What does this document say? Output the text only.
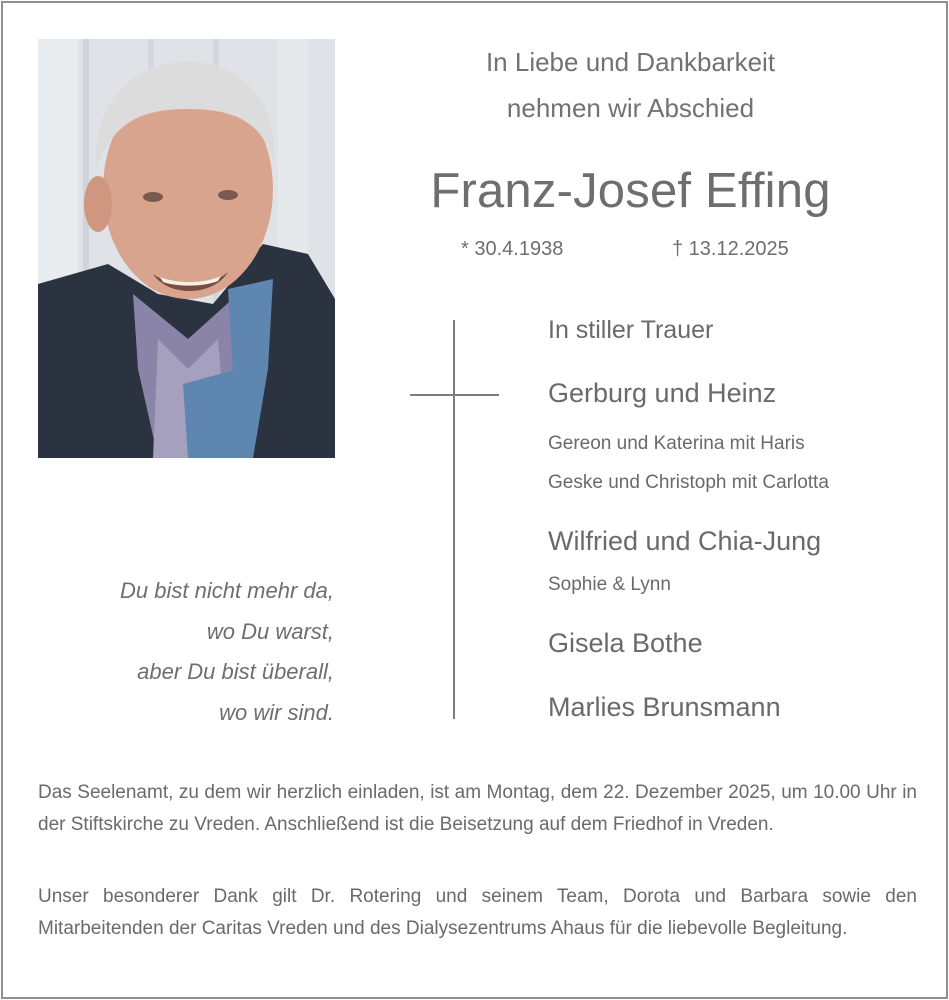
In Liebe und Dankbarkeit
nehmen wir Abschied
Franz-Josef Effing
* 30.4.1938	† 13.12.2025
In stiller Trauer
Gerburg und Heinz
Gereon und Katerina mit Haris
Geske und Christoph mit Carlotta
Wilfried und Chia-Jung
Sophie & Lynn
Gisela Bothe
Marlies Brunsmann
Du bist nicht mehr da,
wo Du warst,
aber Du bist überall,
wo wir sind.

Das Seelenamt, zu dem wir herzlich einladen, ist am Montag, dem 22. Dezember 2025, um 10.00 Uhr in der Stiftskirche zu Vreden. Anschließend ist die Beisetzung auf dem Friedhof in Vreden.

Unser besonderer Dank gilt Dr. Rotering und seinem Team, Dorota und Barbara sowie den Mitarbeitenden der Caritas Vreden und des Dialysezentrums Ahaus für die liebevolle Begleitung.
